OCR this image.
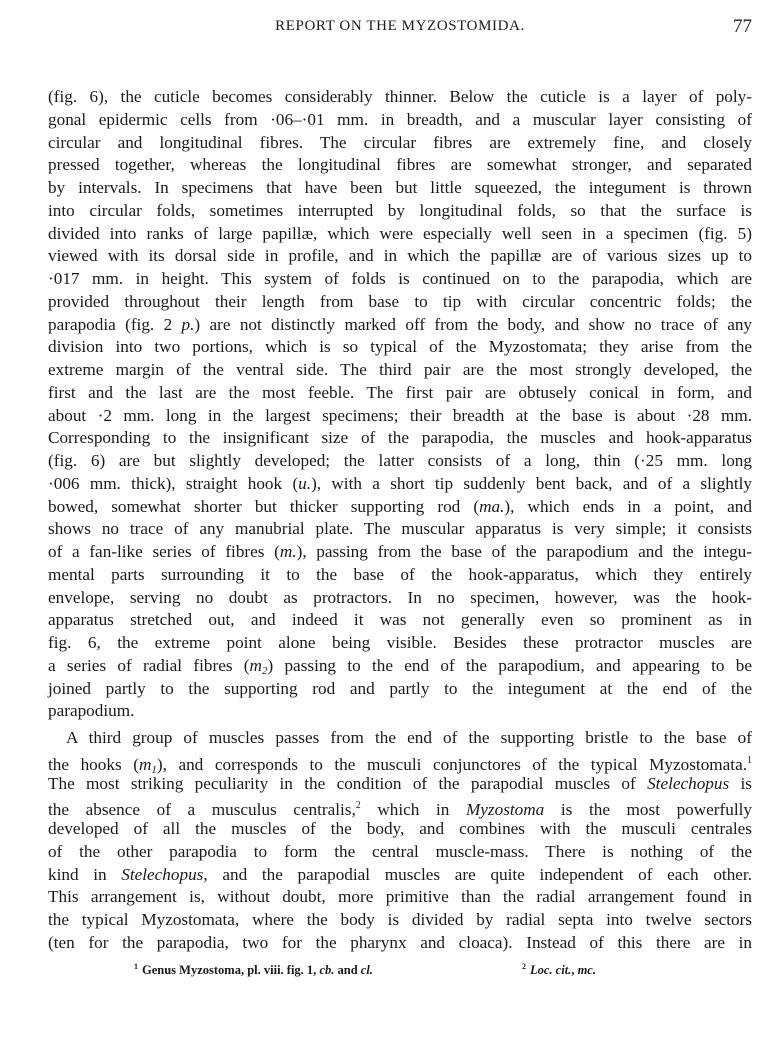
REPORT ON THE MYZOSTOMIDA.	77
(fig. 6), the cuticle becomes considerably thinner. Below the cuticle is a layer of poly-
gonal epidermic cells from ·06–·01 mm. in breadth, and a muscular layer consisting of
circular and longitudinal fibres. The circular fibres are extremely fine, and closely
pressed together, whereas the longitudinal fibres are somewhat stronger, and separated
by intervals. In specimens that have been but little squeezed, the integument is thrown
into circular folds, sometimes interrupted by longitudinal folds, so that the surface is
divided into ranks of large papillæ, which were especially well seen in a specimen (fig. 5)
viewed with its dorsal side in profile, and in which the papillæ are of various sizes up to
·017 mm. in height. This system of folds is continued on to the parapodia, which are
provided throughout their length from base to tip with circular concentric folds; the
parapodia (fig. 2 p.) are not distinctly marked off from the body, and show no trace of any
division into two portions, which is so typical of the Myzostomata; they arise from the
extreme margin of the ventral side. The third pair are the most strongly developed, the
first and the last are the most feeble. The first pair are obtusely conical in form, and
about ·2 mm. long in the largest specimens; their breadth at the base is about ·28 mm.
Corresponding to the insignificant size of the parapodia, the muscles and hook-apparatus
(fig. 6) are but slightly developed; the latter consists of a long, thin (·25 mm. long
·006 mm. thick), straight hook (u.), with a short tip suddenly bent back, and of a slightly
bowed, somewhat shorter but thicker supporting rod (ma.), which ends in a point, and
shows no trace of any manubrial plate. The muscular apparatus is very simple; it consists
of a fan-like series of fibres (m.), passing from the base of the parapodium and the integu-
mental parts surrounding it to the base of the hook-apparatus, which they entirely
envelope, serving no doubt as protractors. In no specimen, however, was the hook-
apparatus stretched out, and indeed it was not generally even so prominent as in
fig. 6, the extreme point alone being visible. Besides these protractor muscles are
a series of radial fibres $(m_2)$ passing to the end of the parapodium, and appearing to be
joined partly to the supporting rod and partly to the integument at the end of the
parapodium.
A third group of muscles passes from the end of the supporting bristle to the base of
the hooks $(m_1)$, and corresponds to the musculi conjunctores of the typical Myzostomata.$^1$
The most striking peculiarity in the condition of the parapodial muscles of Stelechopus is
the absence of a musculus centralis,$^2$ which in Myzostoma is the most powerfully
developed of all the muscles of the body, and combines with the musculi centrales
of the other parapodia to form the central muscle-mass. There is nothing of the
kind in Stelechopus, and the parapodial muscles are quite independent of each other.
This arrangement is, without doubt, more primitive than the radial arrangement found in
the typical Myzostomata, where the body is divided by radial septa into twelve sectors
(ten for the parapodia, two for the pharynx and cloaca). Instead of this there are in
$^1$ Genus Myzostoma, pl. viii. fig. 1, cb. and cl.	$^2$ Loc. cit., mc.
